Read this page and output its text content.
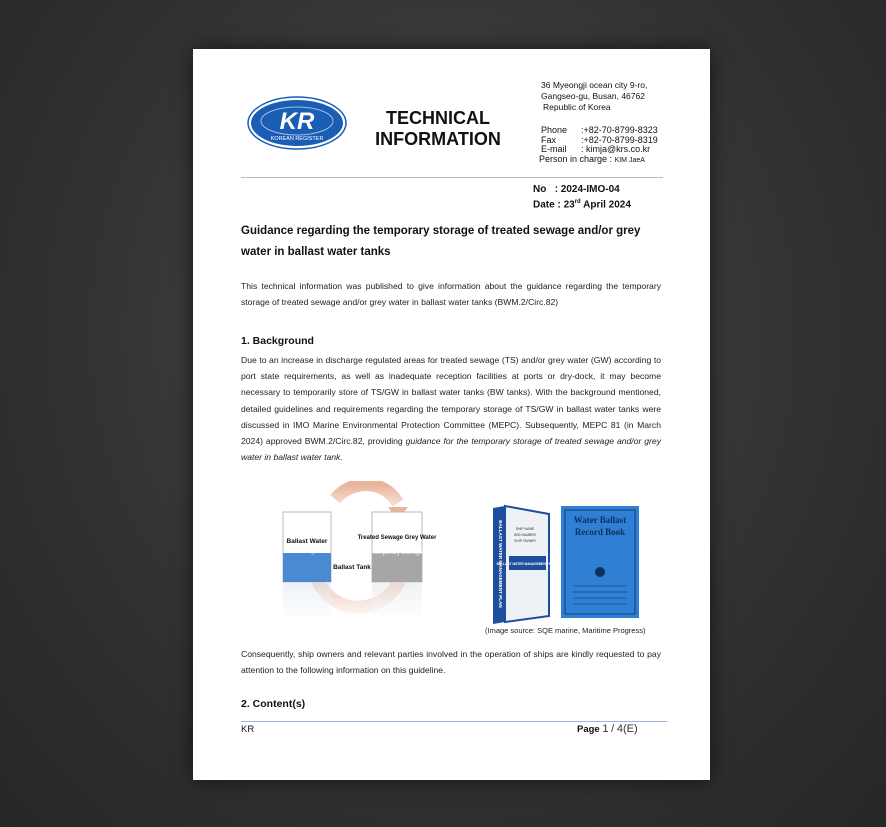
KR
KOREAN REGISTER
TECHNICAL
INFORMATION
36 Myeongji ocean city 9-ro,
Gangseo-gu, Busan, 46762
Republic of Korea
Phone :+82-70-8799-8323
Fax	:+82-70-8799-8319
E-mail : kimja@krs.co.kr
Person in charge : KIM JaeA
No : 2024-IMO-04
Date : 23rd April 2024
Guidance regarding the temporary storage of treated sewage and/or grey water in ballast water tanks
This technical information was published to give information about the guidance regarding the temporary storage of treated sewage and/or grey water in ballast water tanks (BWM.2/Circ.82)
1. Background
Due to an increase in discharge regulated areas for treated sewage (TS) and/or grey water (GW) according to port state requirements, as well as inadequate reception facilities at ports or dry-dock, it may become necessary to temporarily store of TS/GW in ballast water tanks (BW tanks). With the background mentioned, detailed guidelines and requirements regarding the temporary storage of TS/GW in ballast water tanks were discussed in IMO Marine Environmental Protection Committee (MEPC). Subsequently, MEPC 81 (in March 2024) approved BWM.2/Circ.82, providing guidance for the temporary storage of treated sewage and/or grey water in ballast water tank.
Ballast Water
Storage
Ballast Tank
Treated Sewage Grey Water
Temporary Storage	BALLAST WATER MANAGEMENT PLAN	SHIP NAME
IMO NUMBER
SHIP OWNER
BALLAST WATER MANAGEMENT PLAN
Water Ballast Record Book
(Image source: SQE marine, Maritime Progress)
Consequently, ship owners and relevant parties involved in the operation of ships are kindly requested to pay attention to the following information on this guideline.
2. Content(s)
KR	Page 1 / 4(E)
